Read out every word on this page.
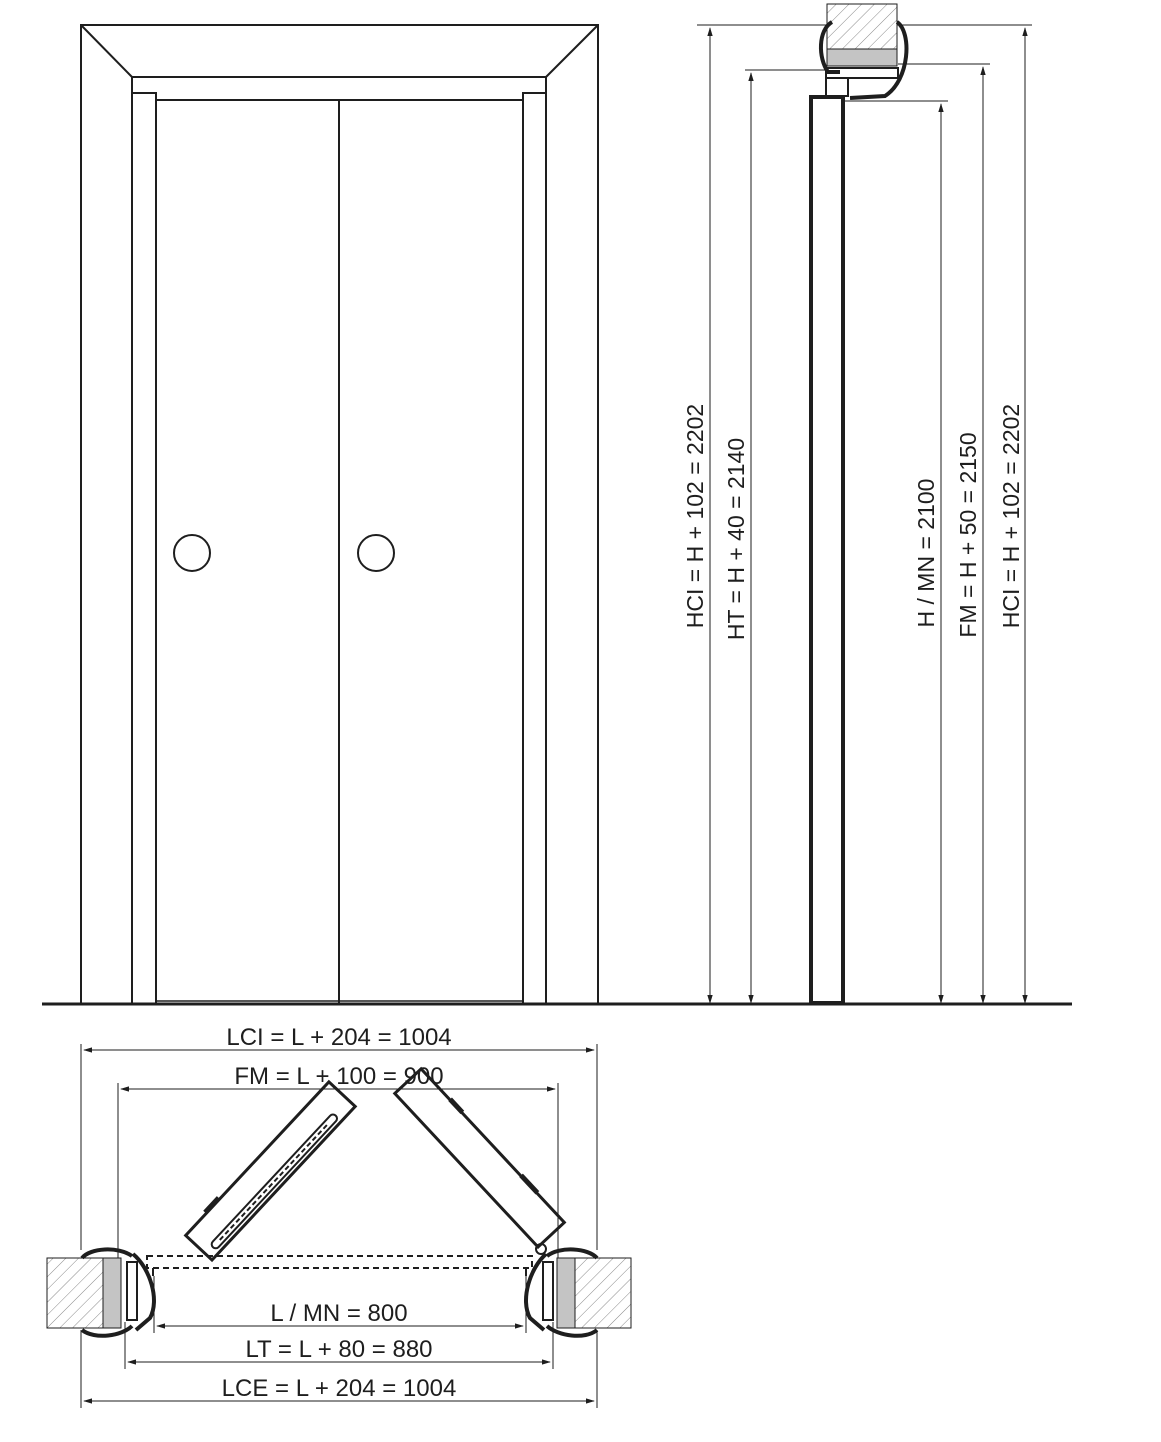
HCI = H + 102 = 2202 HT = H + 40 = 2140	H / MN = 2100 FM = H + 50 = 2150 HCI = H + 102 = 2202
LCI = L + 204 = 1004
FM = L + 100 = 900
L / MN = 800
LT = L + 80 = 880
LCE = L + 204 = 1004
